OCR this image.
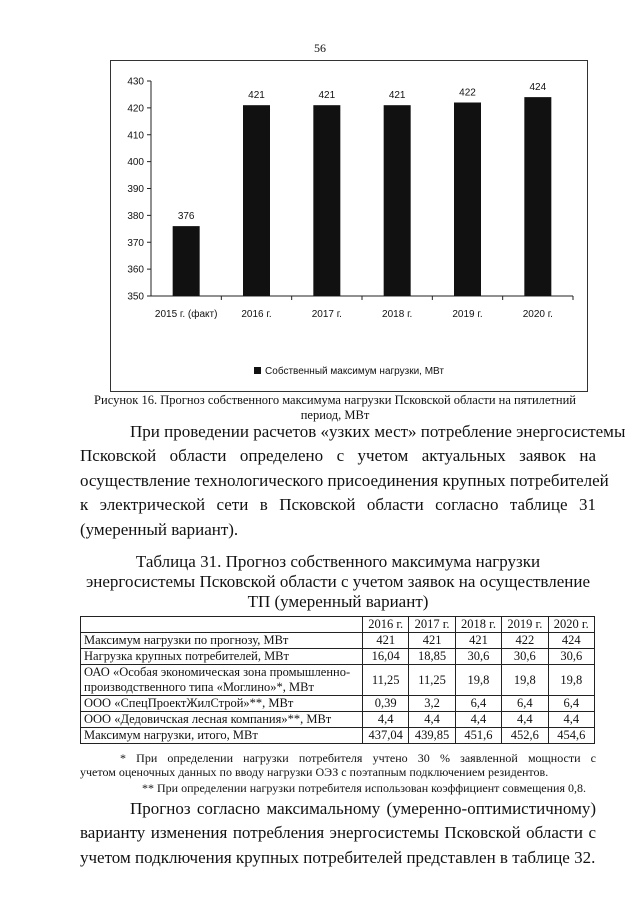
56
350
360
370
380
390
400
410
420
430
376
2015 г. (факт)
421
2016 г.
421
2017 г.
421
2018 г.
422
2019 г.
424
2020 г.
Собственный максимум нагрузки, МВт
Рисунок 16. Прогноз собственного максимума нагрузки Псковской области на пятилетний период, МВт
При проведении расчетов «узких мест» потребление энергосистемы
Псковской области определено с учетом актуальных заявок на
осуществление технологического присоединения крупных потребителей
к электрической сети в Псковской области согласно таблице 31
(умеренный вариант).
Таблица 31. Прогноз собственного максимума нагрузки энергосистемы Псковской области с учетом заявок на осуществление ТП (умеренный вариант)
	2016 г.	2017 г.	2018 г.	2019 г.	2020 г.
Максимум нагрузки по прогнозу, МВт	421	421	421	422	424
Нагрузка крупных потребителей, МВт	16,04	18,85	30,6	30,6	30,6
ОАО «Особая экономическая зона промышленно-производственного типа «Моглино»*, МВт	11,25	11,25	19,8	19,8	19,8
ООО «СпецПроектЖилСтрой»**, МВт	0,39	3,2	6,4	6,4	6,4
ООО «Дедовичская лесная компания»**, МВт	4,4	4,4	4,4	4,4	4,4
Максимум нагрузки, итого, МВт	437,04	439,85	451,6	452,6	454,6
* При определении нагрузки потребителя учтено 30 % заявленной мощности с
учетом оценочных данных по вводу нагрузки ОЭЗ с поэтапным подключением резидентов.
** При определении нагрузки потребителя использован коэффициент совмещения 0,8.
Прогноз согласно максимальному (умеренно-оптимистичному)
варианту изменения потребления энергосистемы Псковской области с
учетом подключения крупных потребителей представлен в таблице 32.
